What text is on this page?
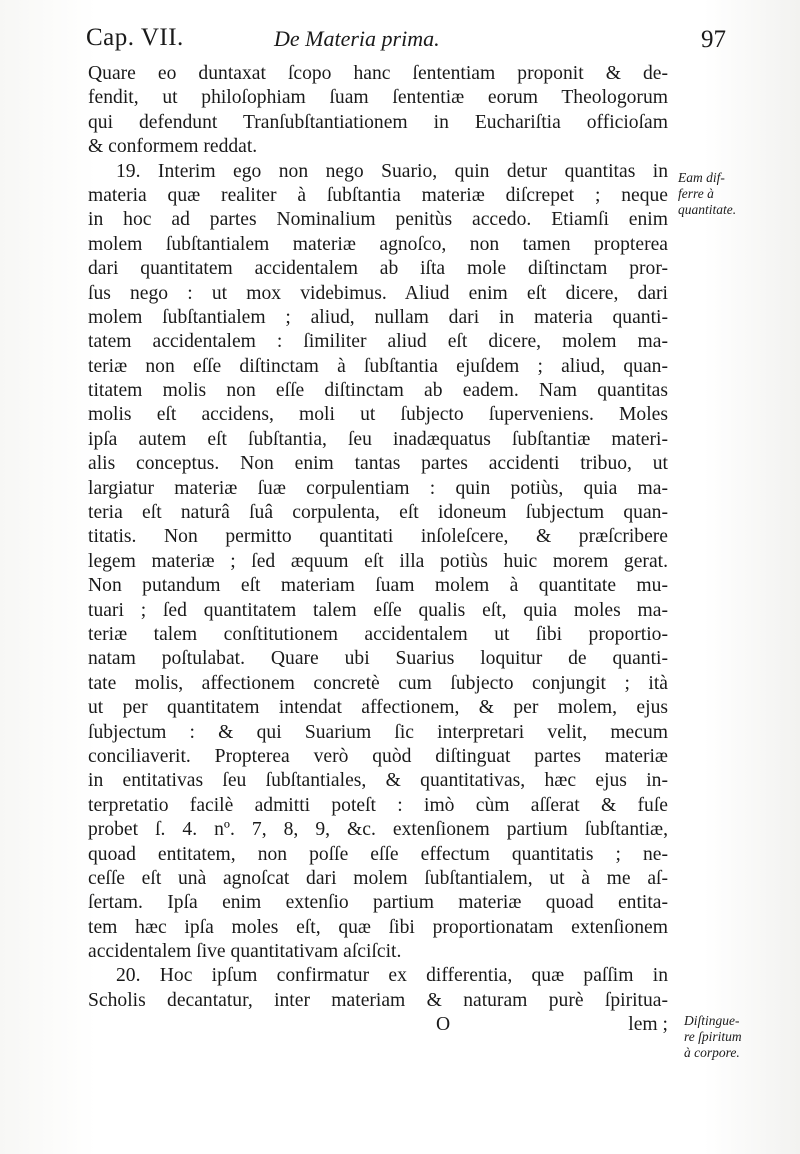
Cap. VII.	De Materia prima.	97
Quare eo duntaxat ſcopo hanc ſententiam proponit & de-
fendit, ut philoſophiam ſuam ſententiæ eorum Theologorum
qui defendunt Tranſubſtantiationem in Euchariſtia officioſam
& conformem reddat.
19. Interim ego non nego Suario, quin detur quantitas in
materia quæ realiter à ſubſtantia materiæ diſcrepet ; neque
in hoc ad partes Nominalium penitùs accedo. Etiamſi enim
molem ſubſtantialem materiæ agnoſco, non tamen propterea
dari quantitatem accidentalem ab iſta mole diſtinctam pror-
ſus nego : ut mox videbimus. Aliud enim eſt dicere, dari
molem ſubſtantialem ; aliud, nullam dari in materia quanti-
tatem accidentalem : ſimiliter aliud eſt dicere, molem ma-
teriæ non eſſe diſtinctam à ſubſtantia ejuſdem ; aliud, quan-
titatem molis non eſſe diſtinctam ab eadem. Nam quantitas
molis eſt accidens, moli ut ſubjecto ſuperveniens. Moles
ipſa autem eſt ſubſtantia, ſeu inadæquatus ſubſtantiæ materi-
alis conceptus. Non enim tantas partes accidenti tribuo, ut
largiatur materiæ ſuæ corpulentiam : quin potiùs, quia ma-
teria eſt naturâ ſuâ corpulenta, eſt idoneum ſubjectum quan-
titatis. Non permitto quantitati inſoleſcere, & præſcribere
legem materiæ ; ſed æquum eſt illa potiùs huic morem gerat.
Non putandum eſt materiam ſuam molem à quantitate mu-
tuari ; ſed quantitatem talem eſſe qualis eſt, quia moles ma-
teriæ talem conſtitutionem accidentalem ut ſibi proportio-
natam poſtulabat. Quare ubi Suarius loquitur de quanti-
tate molis, affectionem concretè cum ſubjecto conjungit ; ità
ut per quantitatem intendat affectionem, & per molem, ejus
ſubjectum : & qui Suarium ſic interpretari velit, mecum
conciliaverit. Propterea verò quòd diſtinguat partes materiæ
in entitativas ſeu ſubſtantiales, & quantitativas, hæc ejus in-
terpretatio facilè admitti poteſt : imò cùm aſſerat & fuſe
probet ſ. 4. nº. 7, 8, 9, &c. extenſionem partium ſubſtantiæ,
quoad entitatem, non poſſe eſſe effectum quantitatis ; ne-
ceſſe eſt unà agnoſcat dari molem ſubſtantialem, ut à me aſ-
ſertam. Ipſa enim extenſio partium materiæ quoad entita-
tem hæc ipſa moles eſt, quæ ſibi proportionatam extenſionem
accidentalem ſive quantitativam aſciſcit.
20. Hoc ipſum confirmatur ex differentia, quæ paſſim in
Scholis decantatur, inter materiam & naturam purè ſpiritua-
O	lem ;
Eam dif-
ferre à
quantitate.
Diſtingue-
re ſpiritum
à corpore.
